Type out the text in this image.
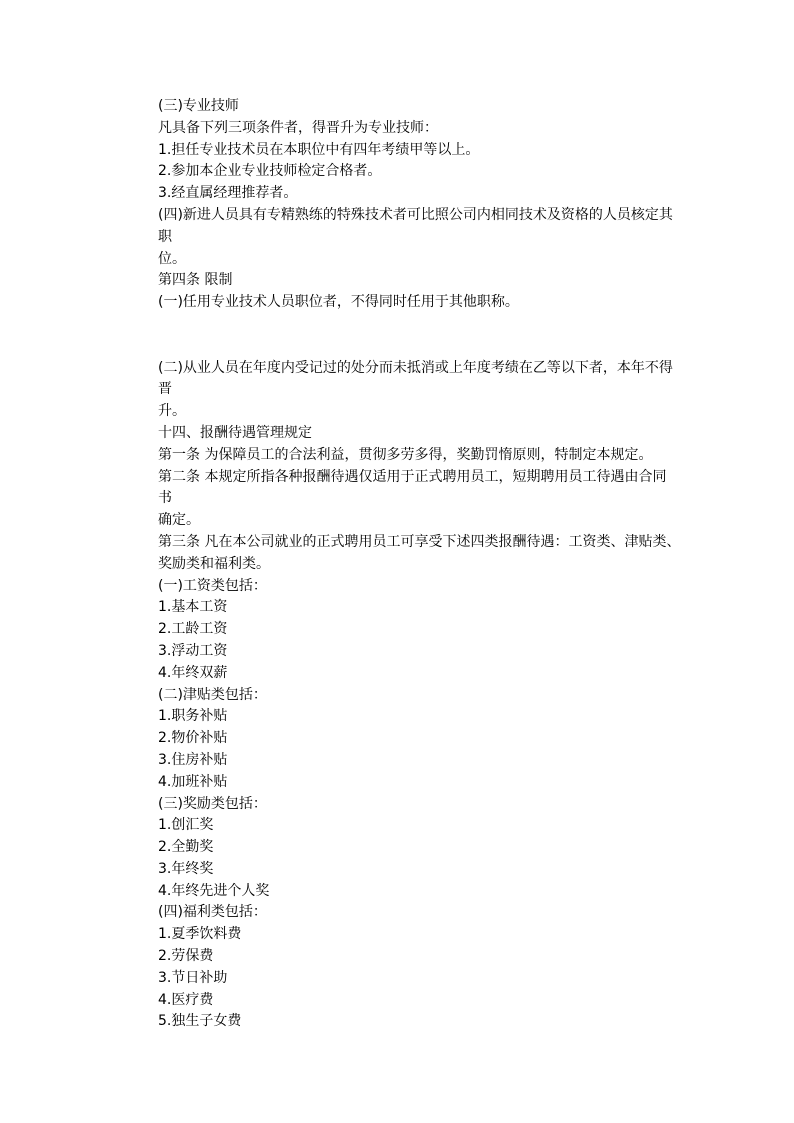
(三)专业技师
凡具备下列三项条件者，得晋升为专业技师：
1.担任专业技术员在本职位中有四年考绩甲等以上。
2.参加本企业专业技师检定合格者。
3.经直属经理推荐者。
(四)新进人员具有专精熟练的特殊技术者可比照公司内相同技术及资格的人员核定其
职
位。
第四条 限制
(一)任用专业技术人员职位者，不得同时任用于其他职称。
(二)从业人员在年度内受记过的处分而未抵消或上年度考绩在乙等以下者，本年不得
晋
升。
十四、报酬待遇管理规定
第一条 为保障员工的合法利益，贯彻多劳多得，奖勤罚惰原则，特制定本规定。
第二条 本规定所指各种报酬待遇仅适用于正式聘用员工，短期聘用员工待遇由合同
书
确定。
第三条 凡在本公司就业的正式聘用员工可享受下述四类报酬待遇：工资类、津贴类、
奖励类和福利类。
(一)工资类包括：
1.基本工资
2.工龄工资
3.浮动工资
4.年终双薪
(二)津贴类包括：
1.职务补贴
2.物价补贴
3.住房补贴
4.加班补贴
(三)奖励类包括：
1.创汇奖
2.全勤奖
3.年终奖
4.年终先进个人奖
(四)福利类包括：
1.夏季饮料费
2.劳保费
3.节日补助
4.医疗费
5.独生子女费
